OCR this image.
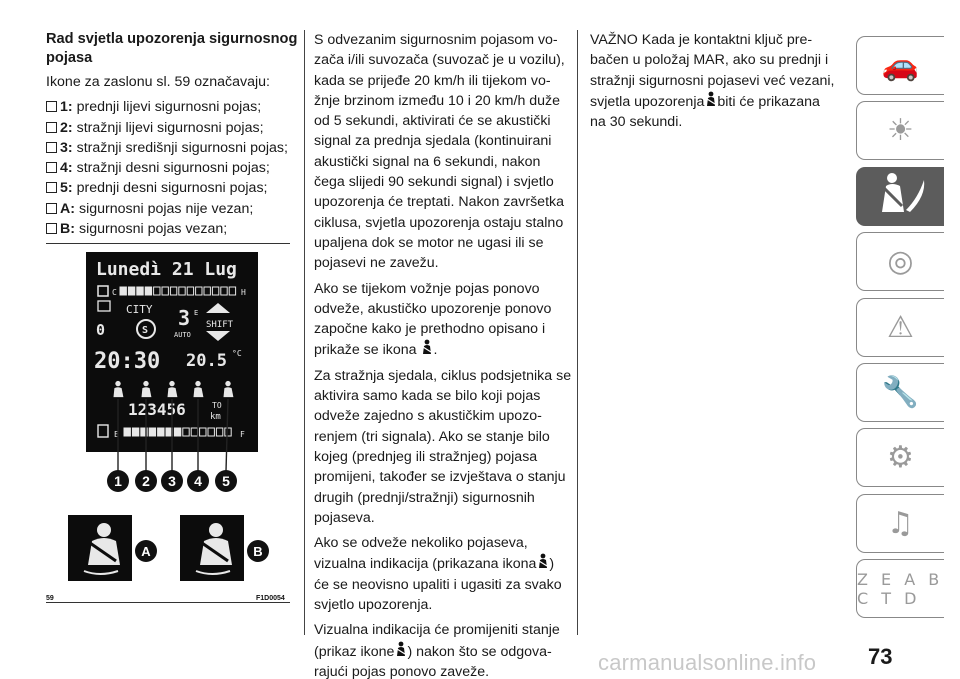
Rad svjetla upozorenja sigurnosnog pojasa
Ikone za zaslonu sl. 59 označavaju:
1: prednji lijevi sigurnosni pojas;
2: stražnji lijevi sigurnosni pojas;
3: stražnji središnji sigurnosni pojas;
4: stražnji desni sigurnosni pojas;
5: prednji desni sigurnosni pojas;
A: sigurnosni pojas nije vezan;
B: sigurnosni pojas vezan;
Lunedì 21 Lug
C	H
CITY 3 E
AUTO
SHIFT
0	S
20:30 20.5 °C
123456	TO
km
E	F
1 2 3 4 5
A	B
59	F1D0054
S odvezanim sigurnosnim pojasom vo-zača i/ili suvozača (suvozač je u vozilu), kada se prijeđe 20 km/h ili tijekom vo-žnje brzinom između 10 i 20 km/h duže od 5 sekundi, aktivirati će se akustički signal za prednja sjedala (kontinuirani akustički signal na 6 sekundi, nakon čega slijedi 90 sekundi signal) i svjetlo upozorenja će treptati. Nakon završetka ciklusa, svjetla upozorenja ostaju stalno upaljena dok se motor ne ugasi ili se pojasevi ne zavežu.
Ako se tijekom vožnje pojas ponovo odveže, akustičko upozorenje ponovo započne kako je prethodno opisano i prikaže se ikona .
Za stražnja sjedala, ciklus podsjetnika se aktivira samo kada se bilo koji pojas odveže zajedno s akustičkim upozo-renjem (tri signala). Ako se stanje bilo kojeg (prednjeg ili stražnjeg) pojasa promijeni, također se izvještava o stanju drugih (prednji/stražnji) sigurnosnih pojaseva.
Ako se odveže nekoliko pojaseva, vizualna indikacija (prikazana ikona ) će se neovisno upaliti i ugasiti za svako svjetlo upozorenja.
Vizualna indikacija će promijeniti stanje (prikaz ikone ) nakon što se odgova-rajući pojas ponovo zaveže.
VAŽNO Kada je kontaktni ključ pre-bačen u položaj MAR, ako su prednji i stražnji sigurnosni pojasevi već vezani, svjetla upozorenja biti će prikazana na 30 sekundi.
🚗
☀
◎
⚠
🔧
⚙
♫
Z E A B C T D
73
carmanualsonline.info
